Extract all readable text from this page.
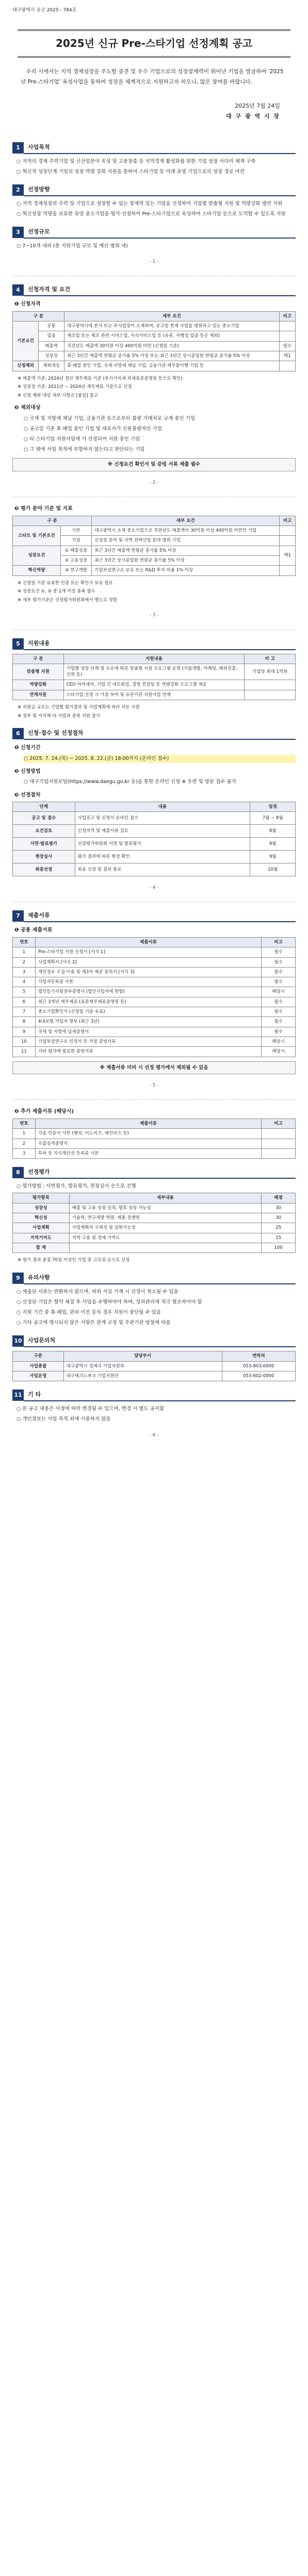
대구광역시 공고 2025 - 784호
2025년 신규 Pre-스타기업 선정계획 공고
우리 시에서는 지역 경제성장을 주도할 중견 및 우수 기업으로의 성장잠재력이 뛰어난 기업을 발굴하여 '2025년 Pre-스타기업' 육성사업을 통하여 성장을 체계적으로 지원하고자 하오니, 많은 참여를 바랍니다.
2025년 7월 24일
대 구 광 역 시 장
1	사업목적
○ 지역의 경제 주력기업 및 신산업분야 육성 및 고용창출 등 지역경제 활성화를 위한 기업 성장 사다리 체계 구축
○ 혁신적 성장단계 기업의 성장 역량 강화 지원을 통하여 스타기업 등 미래 유망 기업으로의 성장 경로 마련
2	선정방향
○ 지역 경제성장의 주력 및 기업으로 성장할 수 있는 잠재력 있는 기업을 선정하여 기업별 맞춤형 지원 및 역량강화 방안 지원
○ 혁신성장 역량을 보유한 유망 중소기업을 평가·선정하여 Pre-스타기업으로 육성하여 스타기업 등으로 도약할 수 있도록 지원
3	선정규모
○ 7~10개 내외 (총 지원기업 규모 및 예산 범위 내)
- 1 -
4	신청자격 및 요건
❶ 신청자격
구 분		세부 요건	비고
기본요건	공통	대구광역시에 본사 또는 주사업장이 소재하며, 공고일 현재 사업을 영위하고 있는 중소기업	
	업종	제조업 또는 제조 관련 서비스업, 지식서비스업 등 (유흥, 사행성 업종 등은 제외)	
	매출액	직전년도 매출액 30억원 이상 400억원 미만 (신청일 기준)	필수
	성장성	최근 3년간 매출액 연평균 증가율 5% 이상 또는 최근 3년간 상시종업원 연평균 증가율 5% 이상	택1
신청제외	제외대상	휴·폐업 중인 기업, 국세·지방세 체납 기업, 금융기관 채무불이행 기업 등	
※ 매출액 기준: 2024년 결산 재무제표 기준 (부가가치세 과세표준증명원 등으로 확인)
※ 성장성 기준: 2021년 ~ 2024년 재무제표 기준으로 산정
※ 신청 제외 대상 세부 사항은 [붙임] 참고
❷ 제외대상
○ 국세 및 지방세 체납 기업, 금융기관 등으로부터 불량 거래처로 규제 중인 기업
○ 공고일 기준 휴·폐업 중인 기업 및 대표자가 신용불량자인 기업
○ 타 스타기업 지원사업에 기 선정되어 지원 중인 기업
○ 그 밖에 사업 목적에 부합하지 않는다고 판단되는 기업
※ 신청요건 확인서 및 증빙 서류 제출 필수
- 2 -
❸ 평가 분야 기준 및 지표
구 분		세부 요건	비고
스타트 및 기본조건	기본	대구광역시 소재 중소기업으로 직전년도 매출액이 30억원 이상 400억원 미만인 기업	
	가점	신성장 분야 및 지역 전략산업 분야 영위 기업	
성장요건	① 매출성장	최근 3년간 매출액 연평균 증가율 5% 이상	택1
	② 고용성장	최근 3년간 상시종업원 연평균 증가율 5% 이상	
혁신역량	③ 연구개발	기업부설연구소 보유 또는 R&D 투자 비율 1% 이상	
※ 신청일 기준 유효한 인증 또는 확인서 보유 필요
※ 성장요건 ①, ② 중 1개 이상 충족 필수
※ 세부 평가기준은 선정평가위원회에서 별도로 정함
- 3 -
5	지원내용
구 분	지원내용	비 고
맞춤형 지원	기업별 성장 단계 및 수요에 따른 맞춤형 지원 프로그램 운영 (기술개발, 마케팅, 해외진출, 인력 등)	기업당 최대 1억원
역량강화	CEO 아카데미, 기업 간 네트워킹, 경영 컨설팅 등 역량강화 프로그램 제공	
연계지원	스타기업 선정 시 가점 부여 및 유관기관 지원사업 연계	
※ 지원금 규모는 기업별 평가결과 및 사업계획에 따라 차등 지원
※ 정부 및 지자체 타 사업과 중복 지원 불가
6	신청·접수 및 선정절차
❶ 신청기간
○ 2025. 7. 24.(목) ~ 2025. 8. 22.(금) 18:00까지 (온라인 접수)
❷ 신청방법
○ 대구기업지원포털(https://www.daegu.go.kr 등)을 통한 온라인 신청 ※ 우편 및 방문 접수 불가
❸ 선정절차
단계	내용	일정
공고 및 접수	사업공고 및 신청서 온라인 접수	7월 ~ 8월
요건검토	신청자격 및 제출서류 검토	8월
서면·발표평가	선정평가위원회 서면 및 발표평가	9월
현장실사	평가 결과에 따른 현장 확인	9월
최종선정	최종 선정 및 결과 통보	10월
- 4 -
7	제출서류
❶ 공통 제출서류
번호	제출서류	비고
1	Pre-스타기업 지원 신청서 [서식 1]	필수
2	사업계획서 [서식 2]	필수
3	개인정보 수집·이용 및 제3자 제공 동의서 [서식 3]	필수
4	사업자등록증 사본	필수
5	법인등기사항전부증명서 (법인사업자에 한함)	해당시
6	최근 3개년 재무제표 (표준재무제표증명원 등)	필수
7	중소기업확인서 (신청일 기준 유효)	필수
8	4대보험 가입자 명부 (최근 3년)	필수
9	국세 및 지방세 납세증명서	필수
10	기업부설연구소 인정서 등 가점 증빙서류	해당시
11	기타 평가에 필요한 증빙서류	해당시
※ 제출서류 미비 시 선정 평가에서 제외될 수 있음
- 5 -
❷ 추가 제출서류 (해당시)
번호	제출서류	비고
1	각종 인증서 사본 (벤처, 이노비즈, 메인비즈 등)	
2	수출실적증명서	
3	특허 등 지식재산권 등록증 사본	
8	선정평가
○ 평가방법 : 서면평가, 발표평가, 현장실사 순으로 진행
평가항목	세부내용	배점
성장성	매출 및 고용 성장 실적, 향후 성장 가능성	30
혁신성	기술력, 연구개발 역량, 제품 경쟁력	30
사업계획	사업계획의 구체성 및 실현가능성	25
지역기여도	지역 고용 및 경제 기여도	15
합 계		100
※ 평가 결과 총점 70점 이상인 기업 중 고득점 순으로 선정
9	유의사항
○ 제출된 서류는 반환하지 않으며, 허위 사실 기재 시 선정이 취소될 수 있음
○ 선정된 기업은 협약 체결 후 사업을 수행하여야 하며, 성과관리에 적극 협조하여야 함
○ 지원 기간 중 휴·폐업, 관외 이전 등의 경우 지원이 중단될 수 있음
○ 기타 공고에 명시되지 않은 사항은 관계 규정 및 주관기관 방침에 따름
10	사업문의처
구분	담당부서	연락처
사업총괄	대구광역시 경제국 기업지원과	053-803-0000
사업운영	대구테크노파크 기업지원단	053-602-0000
11	기 타
○ 본 공고 내용은 사정에 따라 변경될 수 있으며, 변경 시 별도 공지함
○ 개인정보는 사업 목적 외에 사용하지 않음
- 6 -
